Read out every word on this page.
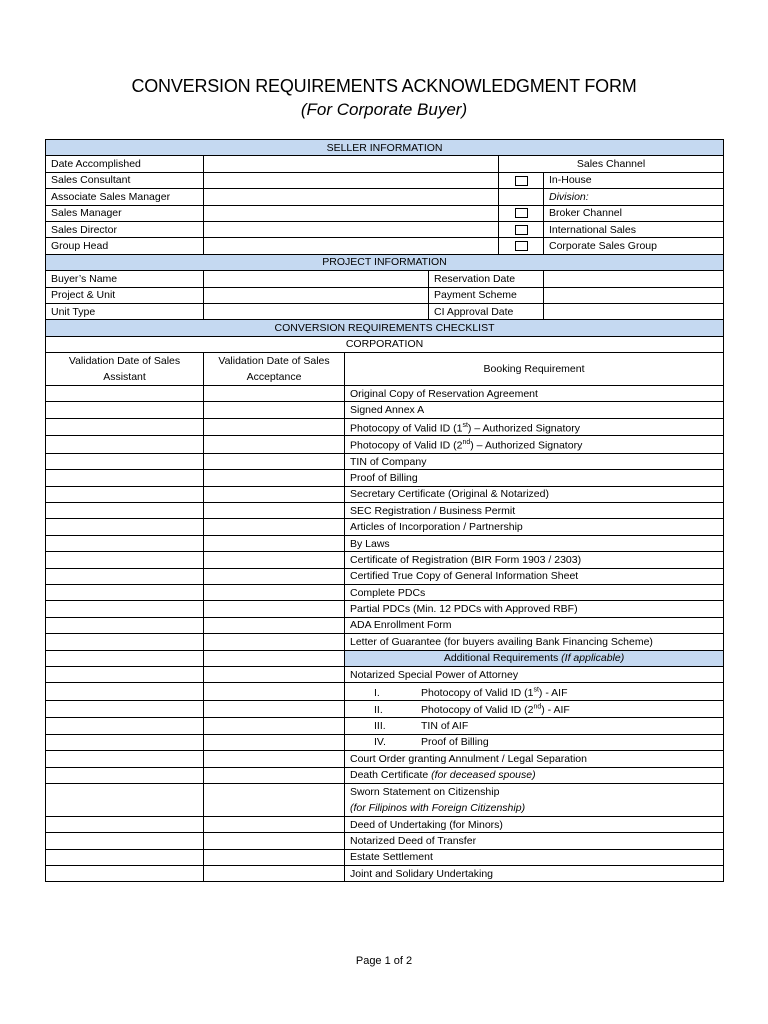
CONVERSION REQUIREMENTS ACKNOWLEDGMENT FORM
(For Corporate Buyer)
SELLER INFORMATION					
Date Accomplished				Sales Channel	
Sales Consultant					In-House
Associate Sales Manager					Division:
Sales Manager					Broker Channel
Sales Director					International Sales
Group Head					Corporate Sales Group
PROJECT INFORMATION					
Buyer’s Name			Reservation Date		
Project & Unit			Payment Scheme		
Unit Type			CI Approval Date		
CONVERSION REQUIREMENTS CHECKLIST					
CORPORATION					
Validation Date of Sales Assistant	Validation Date of Sales Acceptance	Booking Requirement			
		Original Copy of Reservation Agreement			
		Signed Annex A			
		Photocopy of Valid ID (1st) – Authorized Signatory			
		Photocopy of Valid ID (2nd) – Authorized Signatory			
		TIN of Company			
		Proof of Billing			
		Secretary Certificate (Original & Notarized)			
		SEC Registration / Business Permit			
		Articles of Incorporation / Partnership			
		By Laws			
		Certificate of Registration (BIR Form 1903 / 2303)			
		Certified True Copy of General Information Sheet			
		Complete PDCs			
		Partial PDCs (Min. 12 PDCs with Approved RBF)			
		ADA Enrollment Form			
		Letter of Guarantee (for buyers availing Bank Financing Scheme)			
		Additional Requirements (If applicable)			
		Notarized Special Power of Attorney			
		I. Photocopy of Valid ID (1st) - AIF			
		II. Photocopy of Valid ID (2nd) - AIF			
		III. TIN of AIF			
		IV. Proof of Billing			
		Court Order granting Annulment / Legal Separation			
		Death Certificate (for deceased spouse)			

		Sworn Statement on Citizenship
(for Filipinos with Foreign Citizenship)			

		Deed of Undertaking (for Minors)			
		Notarized Deed of Transfer			
		Estate Settlement			
		Joint and Solidary Undertaking			
Page 1 of 2
